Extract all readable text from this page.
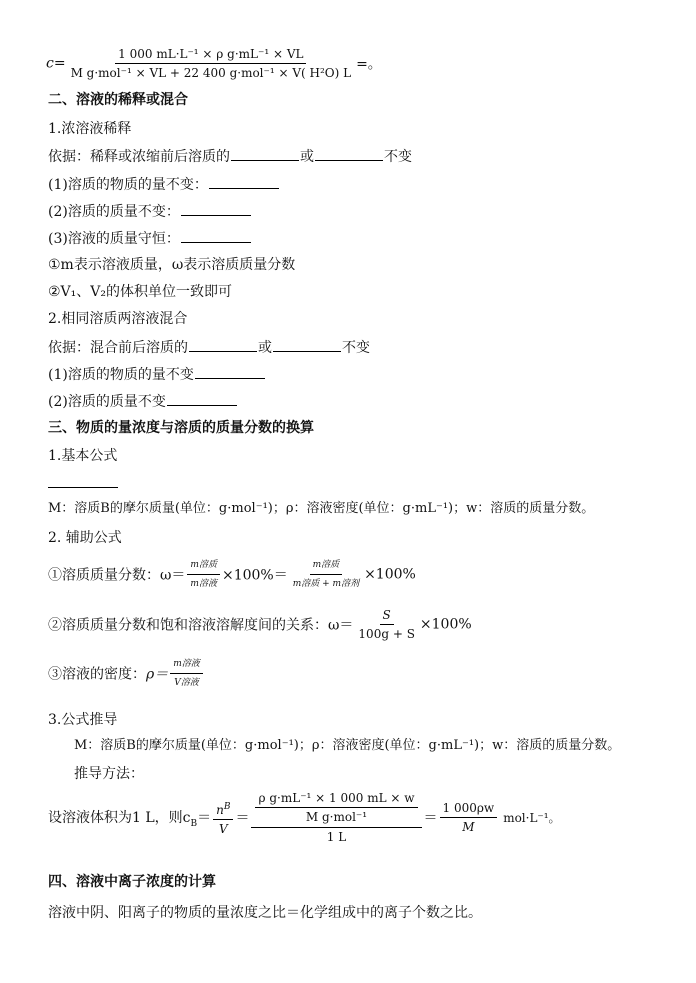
$c= \frac{\text{1 000 mL·L⁻¹ × ρ g·mL⁻¹ × VL}}{\text{M g·mol⁻¹ × VL + 22 400 g·mol⁻¹ × V( H²O) L}}$ =。
二、溶液的稀释或混合
1.浓溶液稀释
依据：稀释或浓缩前后溶质的	或	不变
(1)溶质的物质的量不变：
(2)溶质的质量不变：
(3)溶液的质量守恒：
①m表示溶液质量，ω表示溶质质量分数
②V₁、V₂的体积单位一致即可
2.相同溶质两溶液混合
依据：混合前后溶质的	或	不变
(1)溶质的物质的量不变
(2)溶质的质量不变
三、物质的量浓度与溶质的质量分数的换算
1.基本公式
M：溶质B的摩尔质量(单位：g·mol⁻¹)；ρ：溶液密度(单位：g·mL⁻¹)；w：溶质的质量分数。
2. 辅助公式
①溶质质量分数：$\omega= \frac{\text{m溶质}}{\text{m溶液}} \times 100\%= \frac{\text{m溶质}}{\text{m溶质 + m溶剂}} \times 100\%$
②溶质质量分数和饱和溶液溶解度间的关系：$\omega= \frac{S}{100g + S} \times 100\%$
③溶液的密度：$\rho= \frac{\text{m溶液}}{\text{V溶液}}$
3.公式推导
M：溶质B的摩尔质量(单位：g·mol⁻¹)；ρ：溶液密度(单位：g·mL⁻¹)；w：溶质的质量分数。
推导方法：
设溶液体积为1 L，则$c_B= \frac{n^B}{V} = \frac{\frac{\text{ρ g·mL⁻¹ × 1 000 mL × w}}{\text{M g·mol⁻¹}}}{1 L} = \frac{1 000\rho w}{M} mol\cdot L^{-1}$。
四、溶液中离子浓度的计算
溶液中阴、阳离子的物质的量浓度之比＝化学组成中的离子个数之比。
